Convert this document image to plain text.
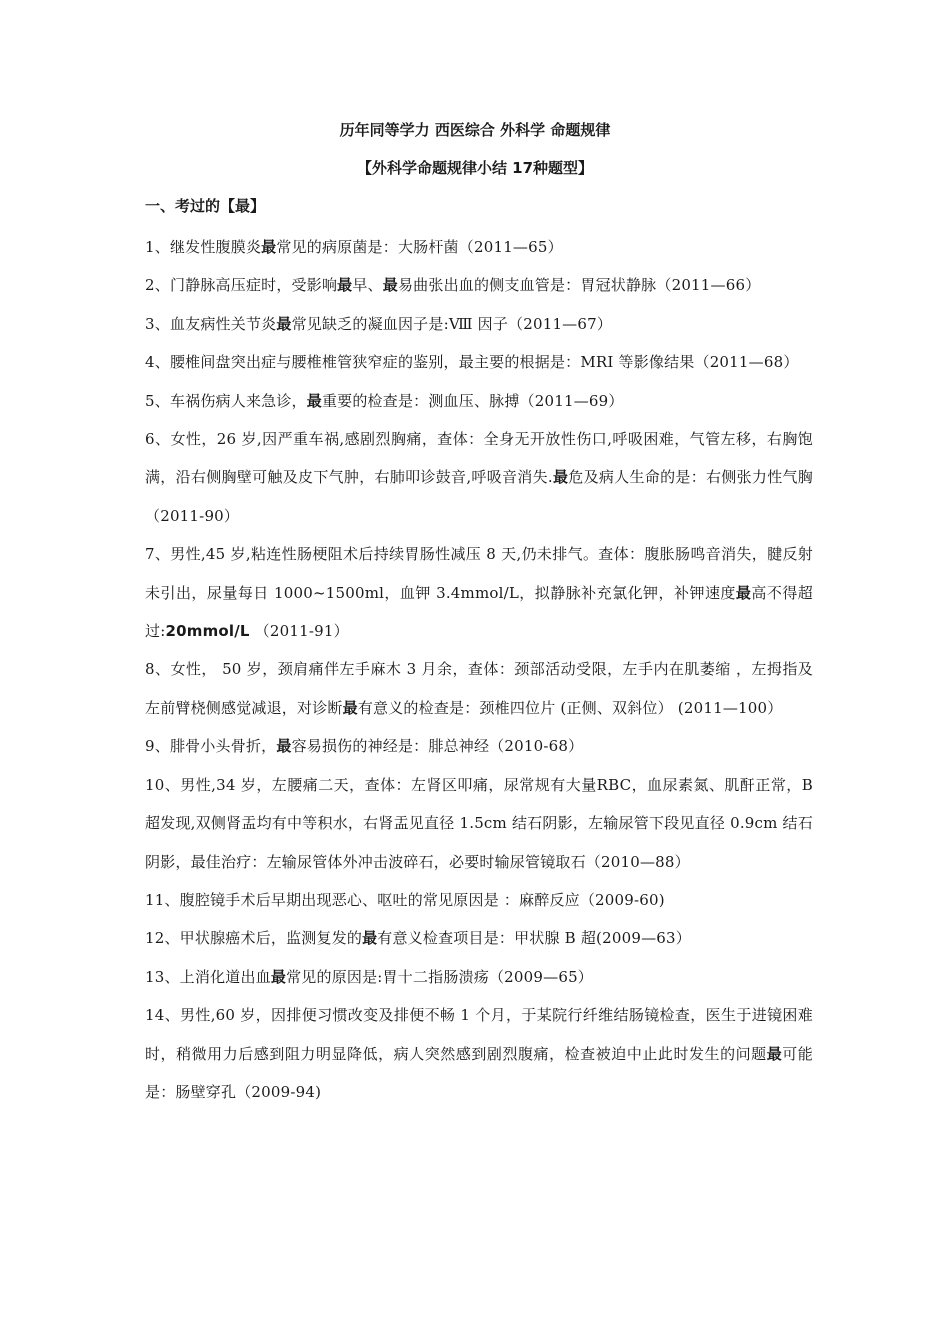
历年同等学力 西医综合 外科学 命题规律
【外科学命题规律小结 17种题型】
一、考过的【最】
1、继发性腹膜炎最常见的病原菌是：大肠杆菌（2011—65）
2、门静脉高压症时，受影响最早、最易曲张出血的侧支血管是：胃冠状静脉（2011—66）
3、血友病性关节炎最常见缺乏的凝血因子是:Ⅷ 因子（2011—67）
4、腰椎间盘突出症与腰椎椎管狭窄症的鉴别，最主要的根据是：MRI 等影像结果（2011—68）
5、车祸伤病人来急诊，最重要的检查是：测血压、脉搏（2011—69）
6、女性，26 岁,因严重车祸,感剧烈胸痛，查体：全身无开放性伤口,呼吸困难，气管左移，右胸饱满，沿右侧胸壁可触及皮下气肿，右肺叩诊鼓音,呼吸音消失.最危及病人生命的是：右侧张力性气胸（2011-90）
7、男性,45 岁,粘连性肠梗阻术后持续胃肠性减压 8 天,仍未排气。查体：腹胀肠鸣音消失，腱反射未引出，尿量每日 1000~1500ml，血钾 3.4mmol/L，拟静脉补充氯化钾，补钾速度最高不得超过:20mmol/L （2011-91）
8、女性， 50 岁，颈肩痛伴左手麻木 3 月余，查体：颈部活动受限，左手内在肌萎缩 ，左拇指及左前臂桡侧感觉减退，对诊断最有意义的检查是：颈椎四位片 (正侧、双斜位） (2011—100）
9、腓骨小头骨折，最容易损伤的神经是：腓总神经（2010-68）
10、男性,34 岁，左腰痛二天，查体：左肾区叩痛，尿常规有大量RBC，血尿素氮、肌酐正常，B 超发现,双侧肾盂均有中等积水，右肾盂见直径 1.5cm 结石阴影，左输尿管下段见直径 0.9cm 结石阴影，最佳治疗：左输尿管体外冲击波碎石，必要时输尿管镜取石（2010—88）
11、腹腔镜手术后早期出现恶心、呕吐的常见原因是 ：麻醉反应（2009-60)
12、甲状腺癌术后，监测复发的最有意义检查项目是：甲状腺 B 超(2009—63）
13、上消化道出血最常见的原因是:胃十二指肠溃疡（2009—65）
14、男性,60 岁，因排便习惯改变及排便不畅 1 个月，于某院行纤维结肠镜检查，医生于进镜困难时，稍微用力后感到阻力明显降低，病人突然感到剧烈腹痛，检查被迫中止此时发生的问题最可能是：肠壁穿孔（2009-94)
